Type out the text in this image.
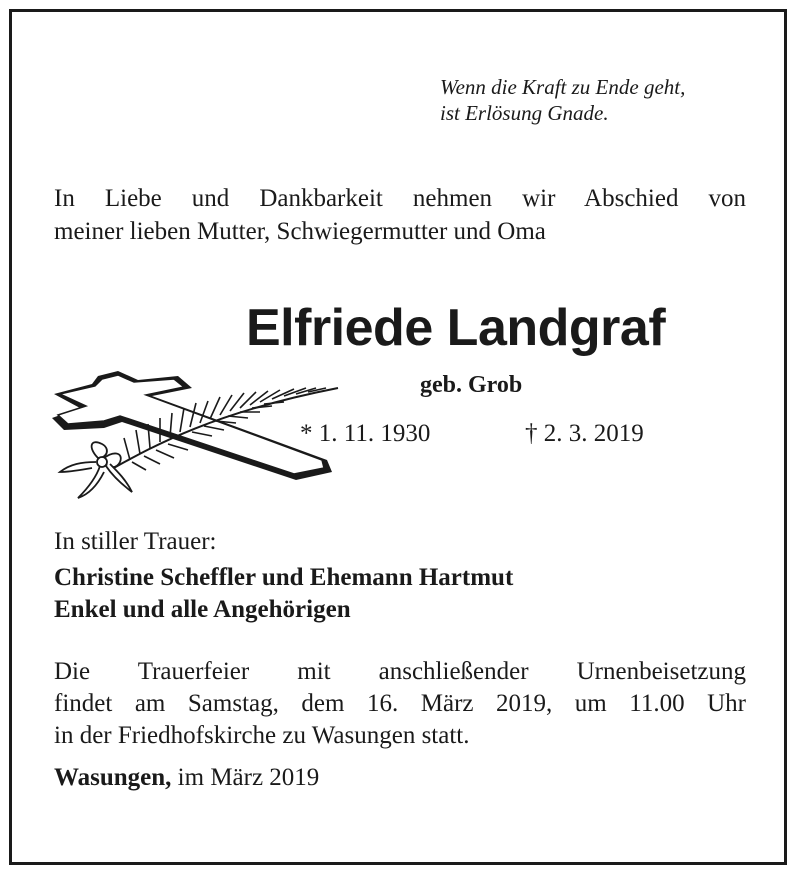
Wenn die Kraft zu Ende geht,
ist Erlösung Gnade.
In Liebe und Dankbarkeit nehmen wir Abschied von
meiner lieben Mutter, Schwiegermutter und Oma
Elfriede Landgraf
geb. Grob
* 1. 11. 1930	† 2. 3. 2019
In stiller Trauer:
Christine Scheffler und Ehemann Hartmut
Enkel und alle Angehörigen
Die Trauerfeier mit anschließender Urnenbeisetzung
findet am Samstag, dem 16. März 2019, um 11.00 Uhr
in der Friedhofskirche zu Wasungen statt.
Wasungen, im März 2019
